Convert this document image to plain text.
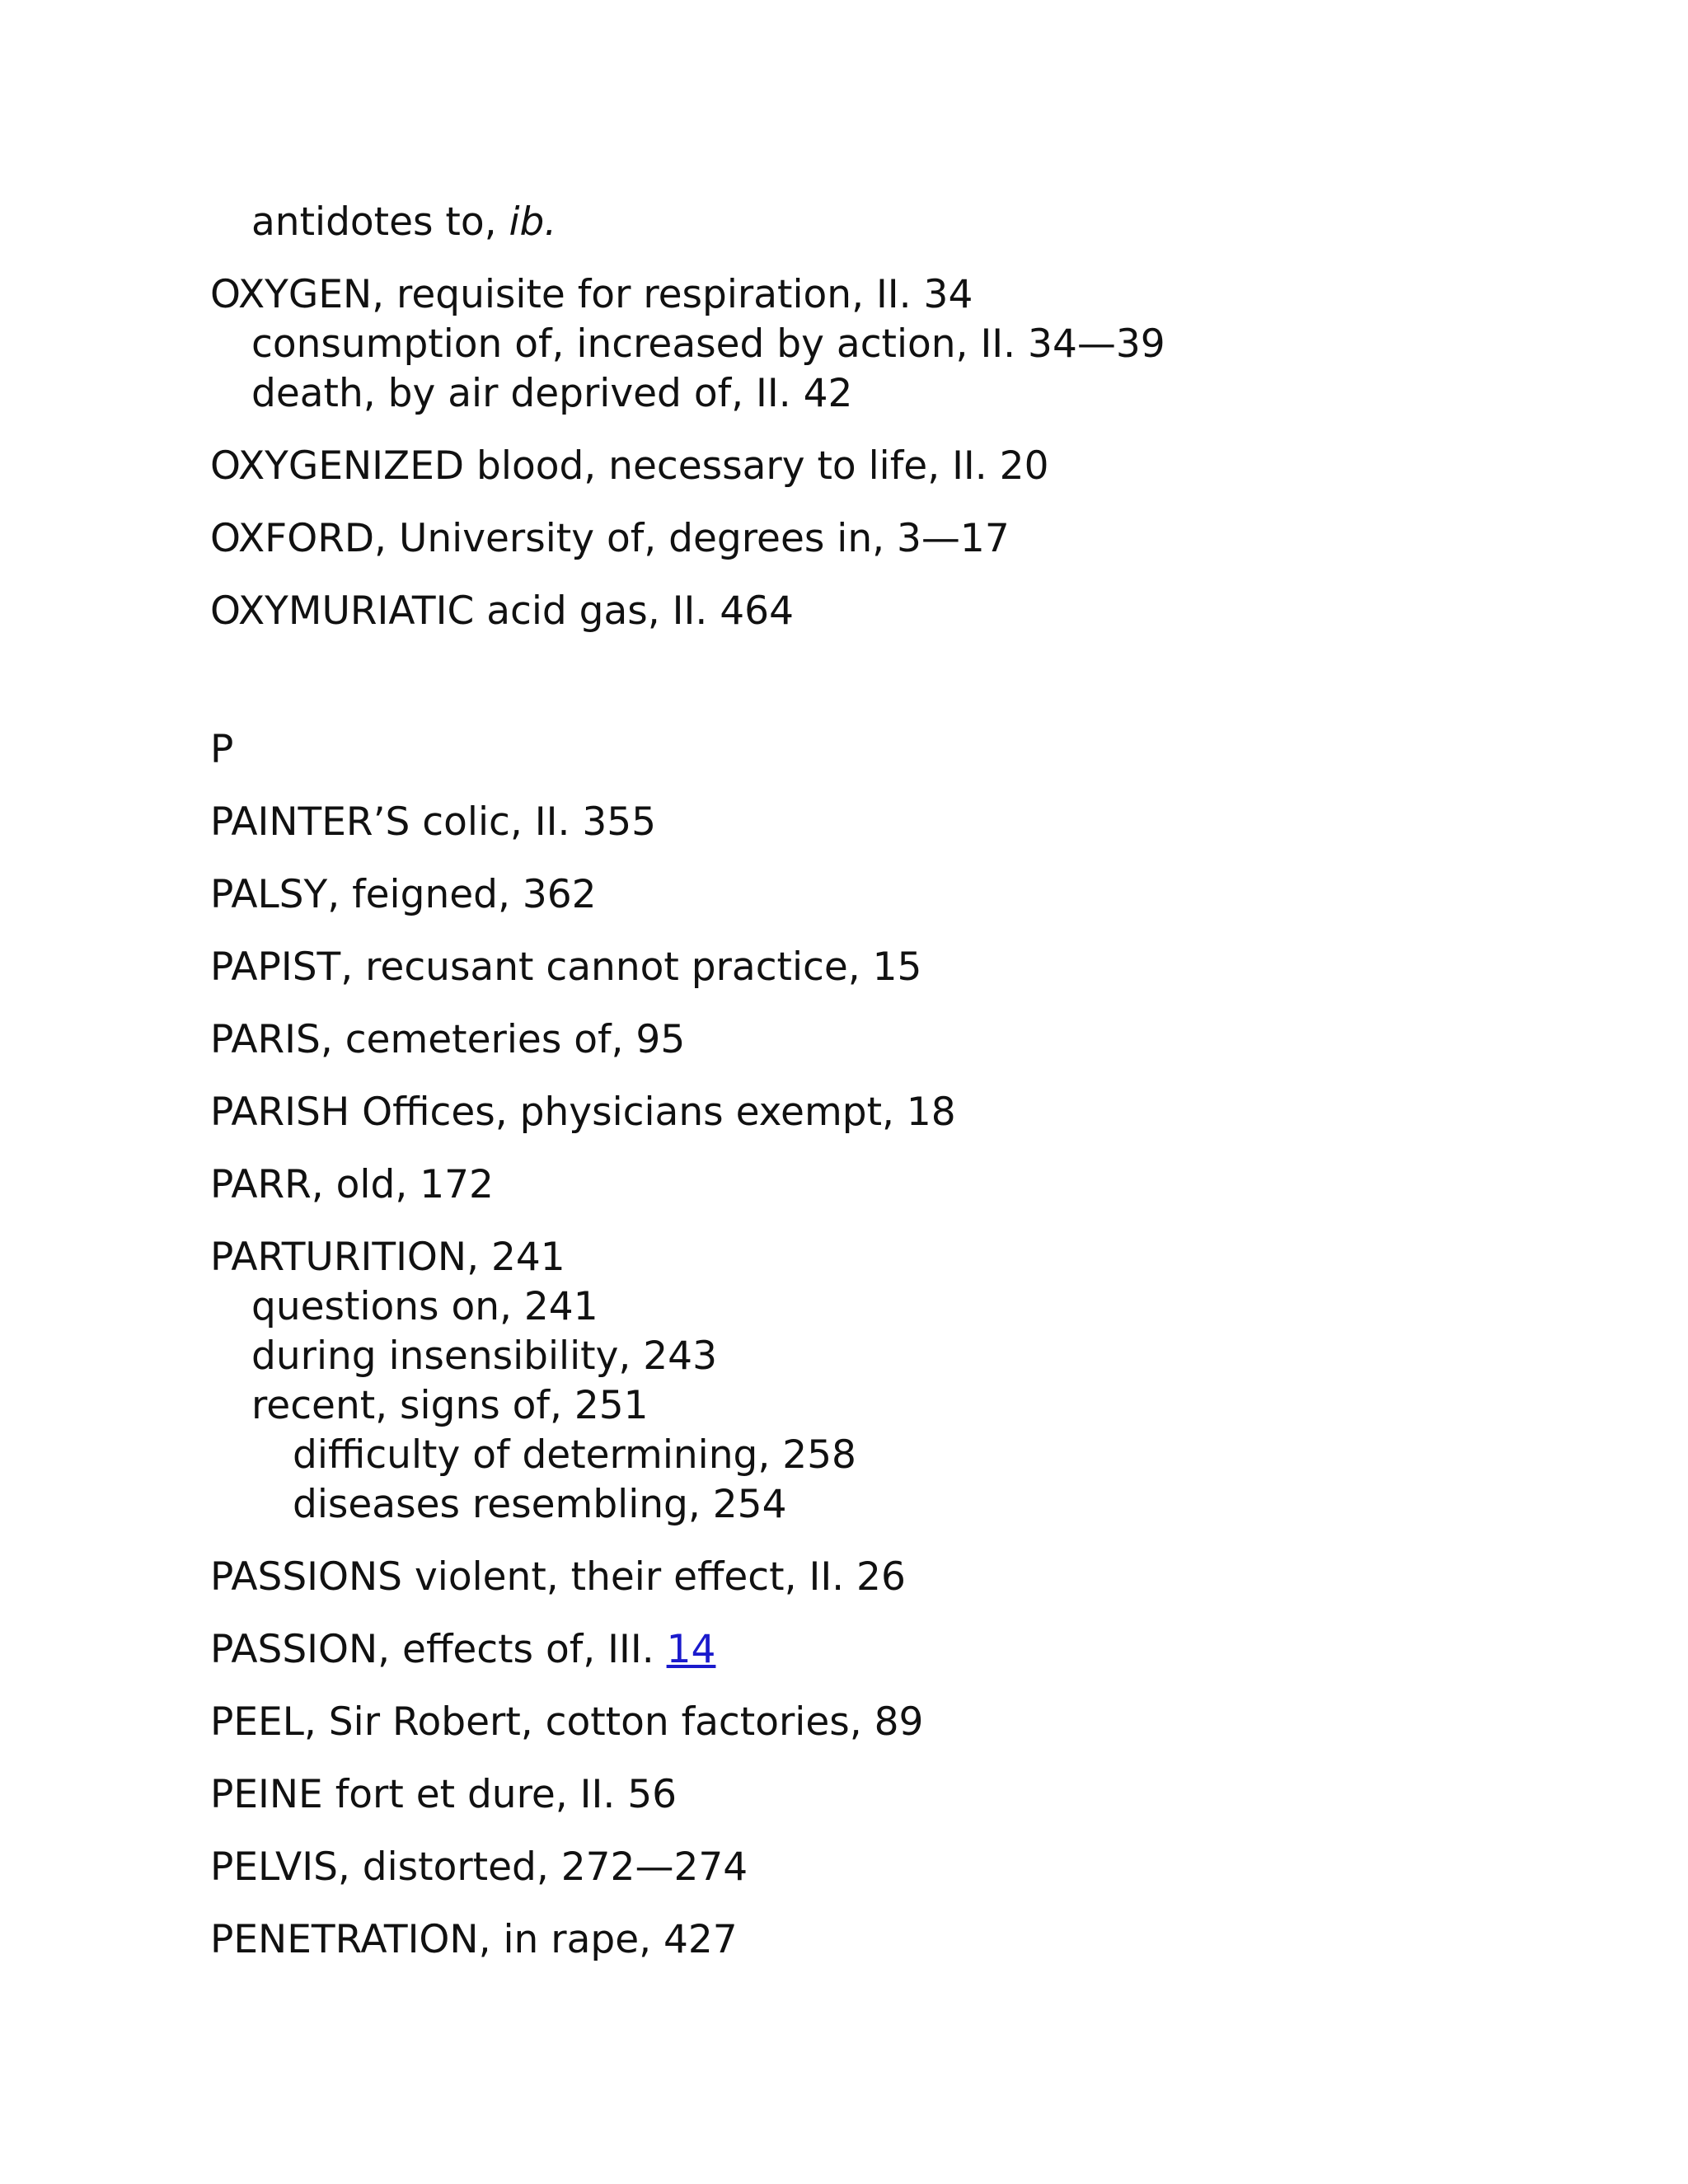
antidotes to, ib.
OXYGEN, requisite for respiration, II. 34
consumption of, increased by action, II. 34—39
death, by air deprived of, II. 42
OXYGENIZED blood, necessary to life, II. 20
OXFORD, University of, degrees in, 3—17
OXYMURIATIC acid gas, II. 464
P
PAINTER’S colic, II. 355
PALSY, feigned, 362
PAPIST, recusant cannot practice, 15
PARIS, cemeteries of, 95
PARISH Offices, physicians exempt, 18
PARR, old, 172
PARTURITION, 241
questions on, 241
during insensibility, 243
recent, signs of, 251
difficulty of determining, 258
diseases resembling, 254
PASSIONS violent, their effect, II. 26
PASSION, effects of, III. 14
PEEL, Sir Robert, cotton factories, 89
PEINE fort et dure, II. 56
PELVIS, distorted, 272—274
PENETRATION, in rape, 427
